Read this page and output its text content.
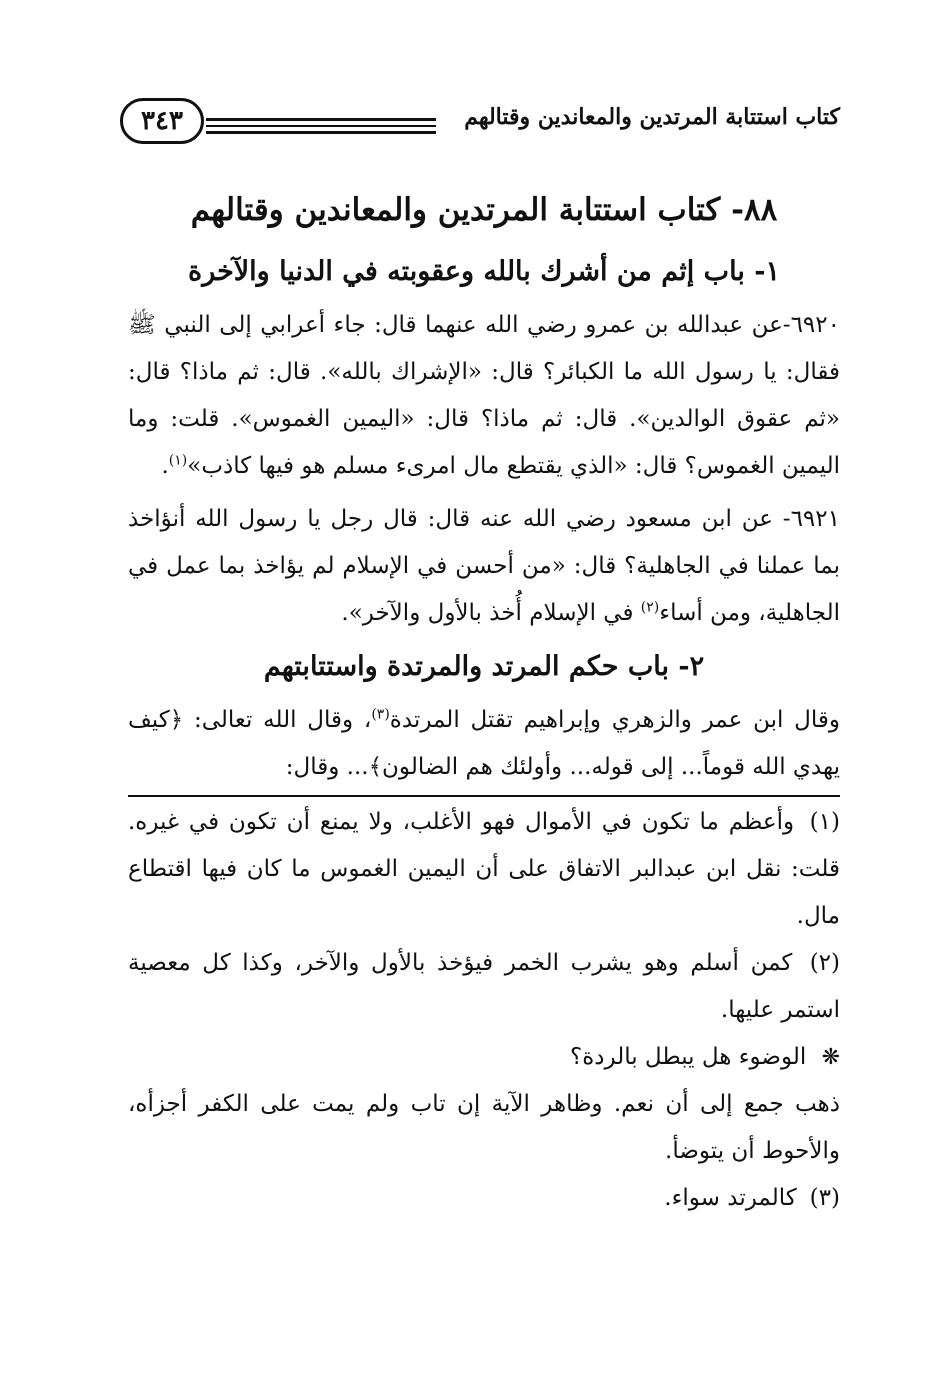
كتاب استتابة المرتدين والمعاندين وقتالهم
٣٤٣
٨٨- كتاب استتابة المرتدين والمعاندين وقتالهم
١- باب إثم من أشرك بالله وعقوبته في الدنيا والآخرة

٦٩٢٠-عن عبدالله بن عمرو رضي الله عنهما قال: جاء أعرابي إلى النبي ﷺ فقال: يا رسول الله ما الكبائر؟ قال: «الإشراك بالله». قال: ثم ماذا؟ قال: «ثم عقوق الوالدين». قال: ثم ماذا؟ قال: «اليمين الغموس». قلت: وما اليمين الغموس؟ قال: «الذي يقتطع مال امرىء مسلم هو فيها كاذب»$^{(١)}$.

٦٩٢١- عن ابن مسعود رضي الله عنه قال: قال رجل يا رسول الله أنؤاخذ بما عملنا في الجاهلية؟ قال: «من أحسن في الإسلام لم يؤاخذ بما عمل في الجاهلية، ومن أساء$^{(٢)}$ في الإسلام أُخذ بالأول والآخر».

٢- باب حكم المرتد والمرتدة واستتابتهم

وقال ابن عمر والزهري وإبراهيم تقتل المرتدة$^{(٣)}$، وقال الله تعالى: ﴿كيف يهدي الله قوماً... إلى قوله... وأولئك هم الضالون﴾... وقال:

(١) وأعظم ما تكون في الأموال فهو الأغلب، ولا يمنع أن تكون في غيره. قلت: نقل ابن عبدالبر الاتفاق على أن اليمين الغموس ما كان فيها اقتطاع مال.

(٢) كمن أسلم وهو يشرب الخمر فيؤخذ بالأول والآخر، وكذا كل معصية استمر عليها.

❋ الوضوء هل يبطل بالردة؟

ذهب جمع إلى أن نعم. وظاهر الآية إن تاب ولم يمت على الكفر أجزأه، والأحوط أن يتوضأ.

(٣) كالمرتد سواء.
